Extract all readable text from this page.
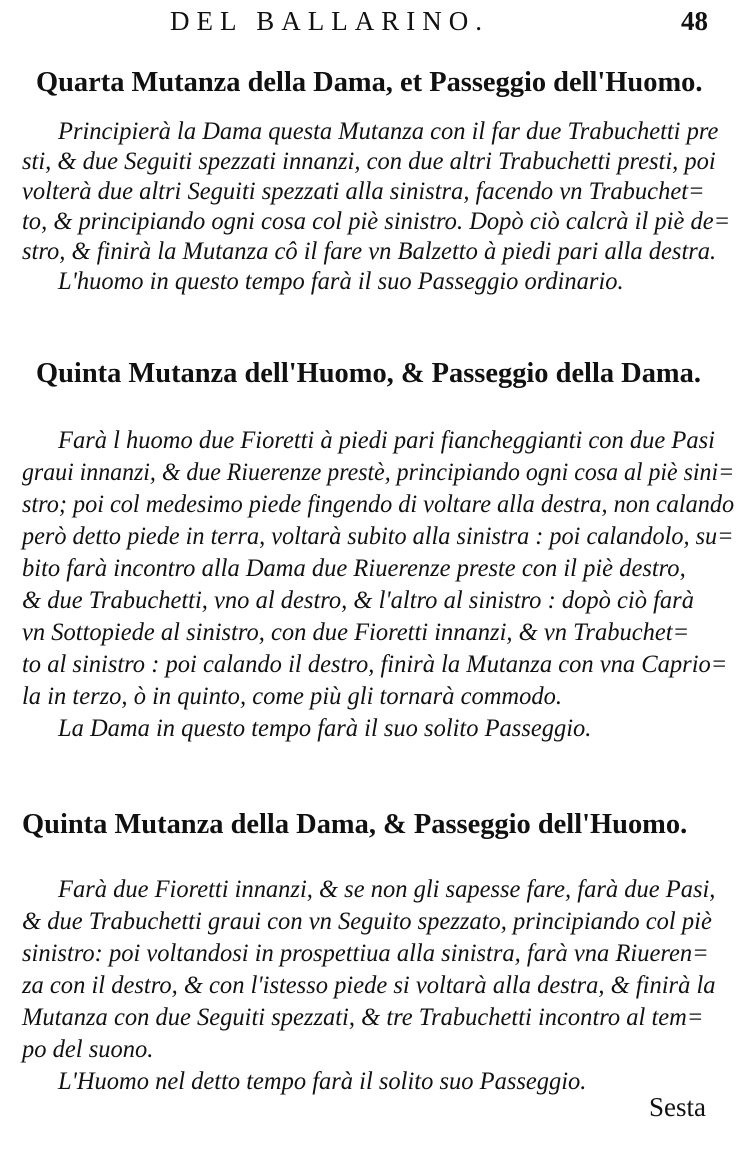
DEL BALLARINO.	48
Quarta Mutanza della Dama, et Passeggio dell'Huomo.
Principierà la Dama questa Mutanza con il far due Trabuchetti pre
sti, & due Seguiti spezzati innanzi, con due altri Trabuchetti presti, poi
volterà due altri Seguiti spezzati alla sinistra, facendo vn Trabuchet=
to, & principiando ogni cosa col piè sinistro. Dopò ciò calcrà il piè de=
stro, & finirà la Mutanza cô il fare vn Balzetto à piedi pari alla destra.
L'huomo in questo tempo farà il suo Passeggio ordinario.
Quinta Mutanza dell'Huomo, & Passeggio della Dama.
Farà l huomo due Fioretti à piedi pari fiancheggianti con due Pasi
graui innanzi, & due Riuerenze prestè, principiando ogni cosa al piè sini=
stro; poi col medesimo piede fingendo di voltare alla destra, non calando
però detto piede in terra, voltarà subito alla sinistra : poi calandolo, su=
bito farà incontro alla Dama due Riuerenze preste con il piè destro,
& due Trabuchetti, vno al destro, & l'altro al sinistro : dopò ciò farà
vn Sottopiede al sinistro, con due Fioretti innanzi, & vn Trabuchet=
to al sinistro : poi calando il destro, finirà la Mutanza con vna Caprio=
la in terzo, ò in quinto, come più gli tornarà commodo.
La Dama in questo tempo farà il suo solito Passeggio.
Quinta Mutanza della Dama, & Passeggio dell'Huomo.
Farà due Fioretti innanzi, & se non gli sapesse fare, farà due Pasi,
& due Trabuchetti graui con vn Seguito spezzato, principiando col piè
sinistro: poi voltandosi in prospettiua alla sinistra, farà vna Riueren=
za con il destro, & con l'istesso piede si voltarà alla destra, & finirà la
Mutanza con due Seguiti spezzati, & tre Trabuchetti incontro al tem=
po del suono.
L'Huomo nel detto tempo farà il solito suo Passeggio.
Sesta
